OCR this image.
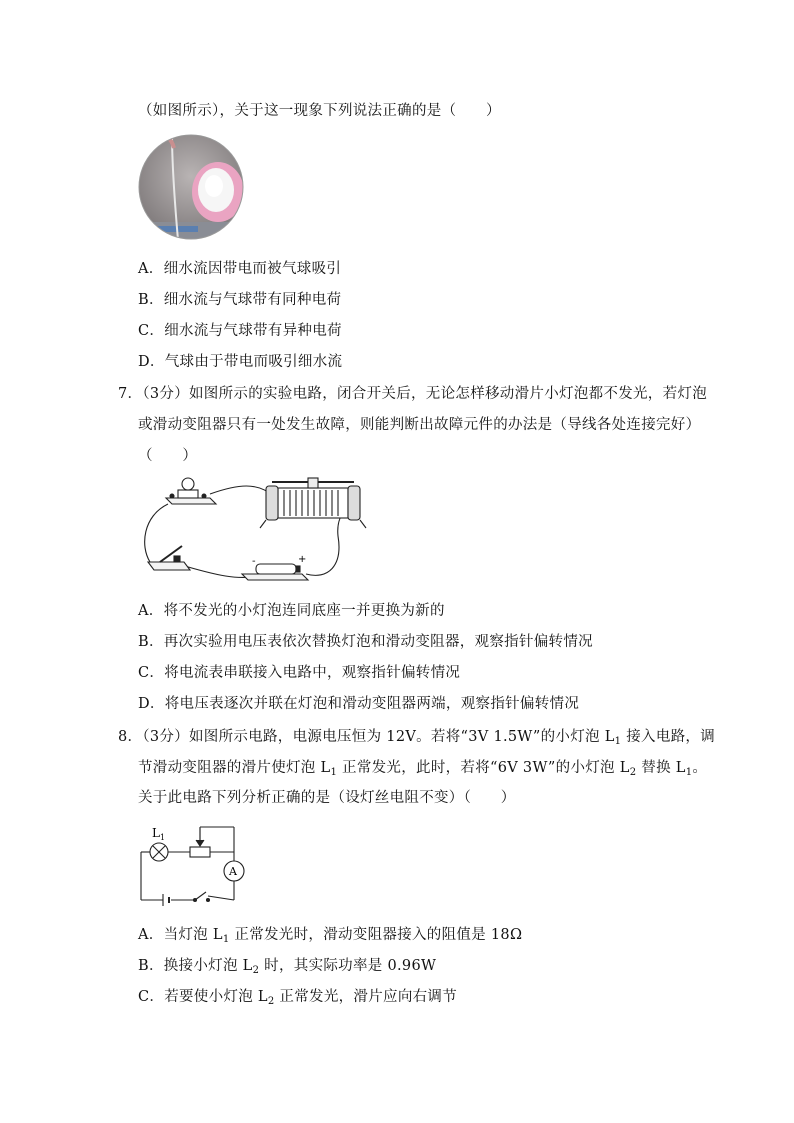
（如图所示），关于这一现象下列说法正确的是（　　）
A．细水流因带电而被气球吸引
B．细水流与气球带有同种电荷
C．细水流与气球带有异种电荷
D．气球由于带电而吸引细水流
7．（3分）如图所示的实验电路，闭合开关后，无论怎样移动滑片小灯泡都不发光，若灯泡
或滑动变阻器只有一处发生故障，则能判断出故障元件的办法是（导线各处连接完好）
（　　）
-	+
A．将不发光的小灯泡连同底座一并更换为新的
B．再次实验用电压表依次替换灯泡和滑动变阻器，观察指针偏转情况
C．将电流表串联接入电路中，观察指针偏转情况
D．将电压表逐次并联在灯泡和滑动变阻器两端，观察指针偏转情况
8．（3分）如图所示电路，电源电压恒为 12V。若将“3V 1.5W”的小灯泡 $L_1$ 接入电路，调
节滑动变阻器的滑片使灯泡 $L_1$ 正常发光，此时，若将“6V 3W”的小灯泡 $L_2$ 替换 $L_1$。
关于此电路下列分析正确的是（设灯丝电阻不变）（　　）
$L_1$
A
A．当灯泡 $L_1$ 正常发光时，滑动变阻器接入的阻值是 18Ω
B．换接小灯泡 $L_2$ 时，其实际功率是 0.96W
C．若要使小灯泡 $L_2$ 正常发光，滑片应向右调节
